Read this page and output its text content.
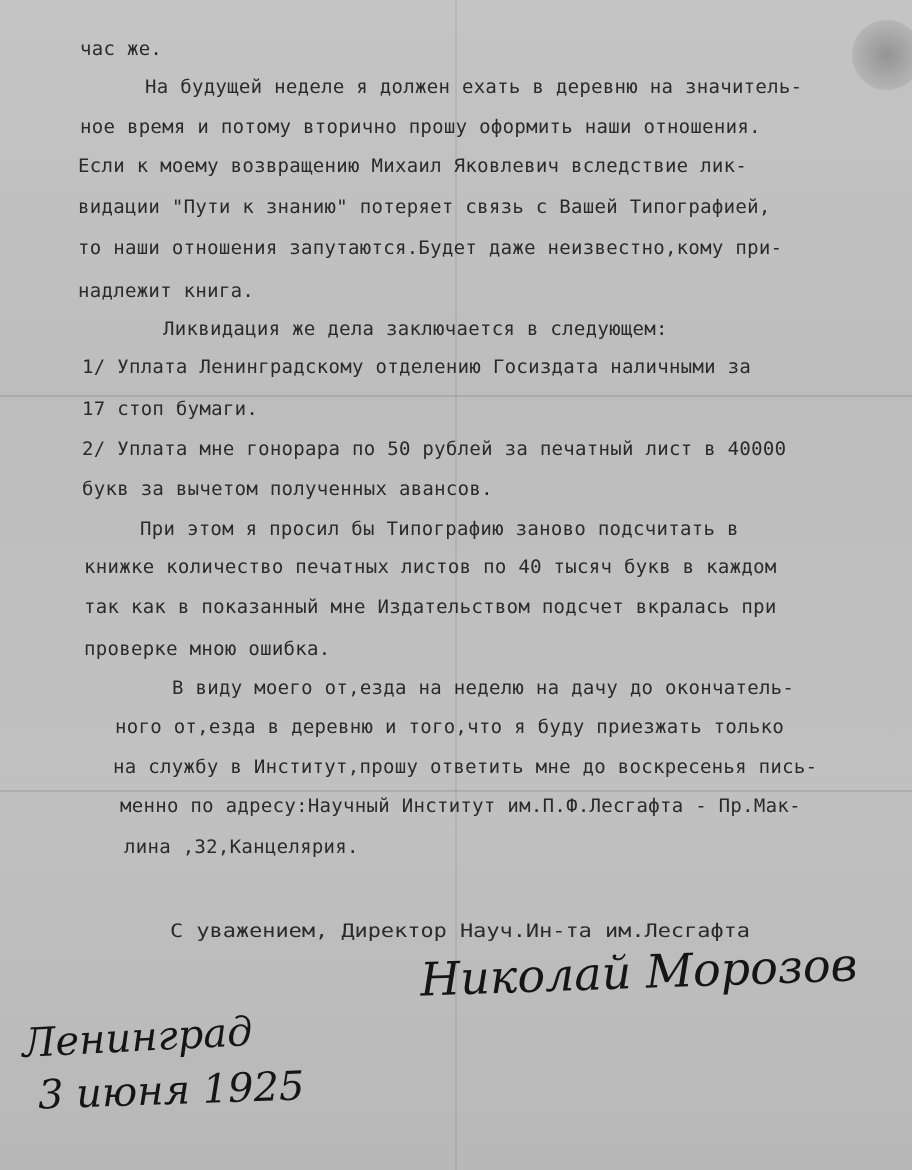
час же.
На будущей неделе я должен ехать в деревню на значитель-
ное время и потому вторично прошу оформить наши отношения.
Если к моему возвращению Михаил Яковлевич вследствие лик-
видации "Пути к знанию" потеряет связь с Вашей Типографией,
то наши отношения запутаются.Будет даже неизвестно,кому при-
надлежит книга.
Ликвидация же дела заключается в следующем:
1/ Уплата Ленинградскому отделению Госиздата наличными за
17 стоп бумаги.
2/ Уплата мне гонорара по 50 рублей за печатный лист в 40000
букв за вычетом полученных авансов.
При этом я просил бы Типографию заново подсчитать в
книжке количество печатных листов по 40 тысяч букв в каждом
так как в показанный мне Издательством подсчет вкралась при
проверке мною ошибка.
В виду моего от,езда на неделю на дачу до окончатель-
ного от,езда в деревню и того,что я буду приезжать только
на службу в Институт,прошу ответить мне до воскресенья пись-
менно по адресу:Научный Институт им.П.Ф.Лесгафта - Пр.Мак-
лина ,32,Канцелярия.
С уважением, Директор Науч.Ин-та им.Лесгафта
Николай Морозов
Ленинград
3 июня 1925
